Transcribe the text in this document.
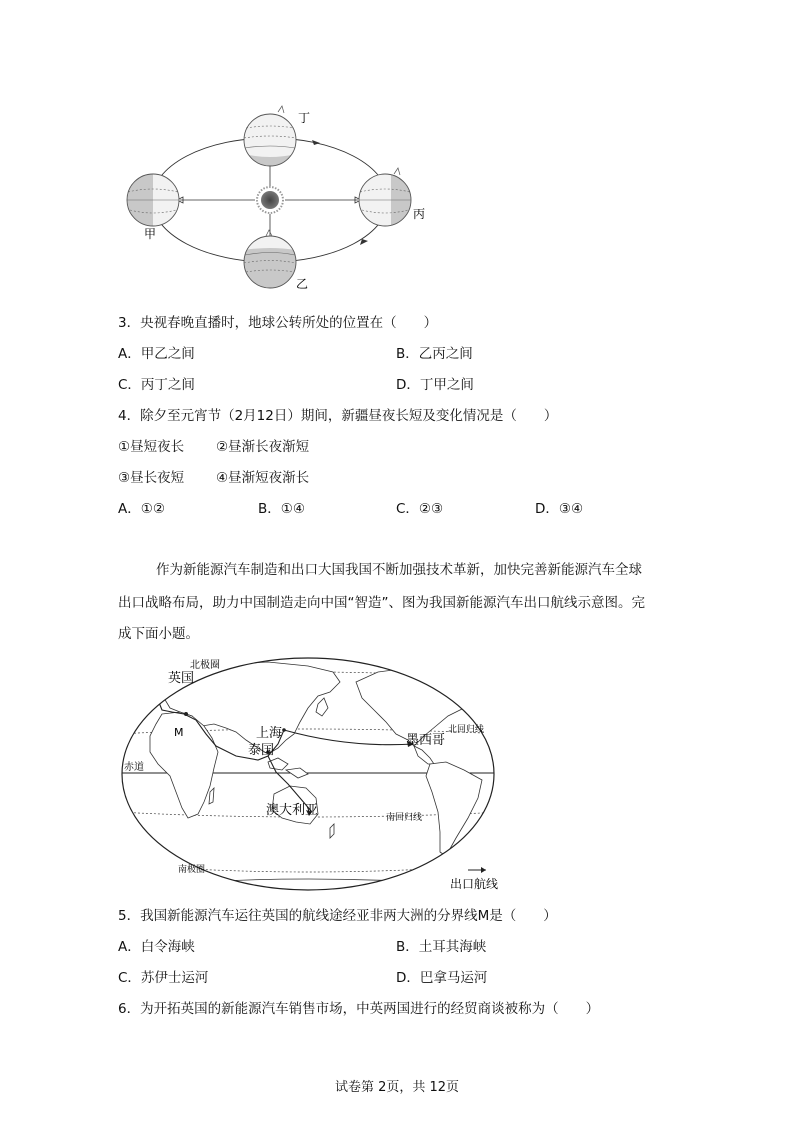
丁
甲
乙
丙
3．央视春晚直播时，地球公转所处的位置在（　　）
A．甲乙之间	B．乙丙之间
C．丙丁之间	D．丁甲之间
4．除夕至元宵节（2月12日）期间，新疆昼夜长短及变化情况是（　　）
①昼短夜长 ②昼渐长夜渐短
③昼长夜短 ④昼渐短夜渐长
A．①②	B．①④	C．②③	D．③④
作为新能源汽车制造和出口大国我国不断加强技术革新，加快完善新能源汽车全球
出口战略布局，助力中国制造走向中国“智造”、图为我国新能源汽车出口航线示意图。完
成下面小题。
北极圈
英国
M	上海
泰国
墨西哥
北回归线
赤道
澳大利亚	南回归线
南极圈
出口航线
5．我国新能源汽车运往英国的航线途经亚非两大洲的分界线M是（　　）
A．白令海峡	B．土耳其海峡
C．苏伊士运河	D．巴拿马运河
6．为开拓英国的新能源汽车销售市场，中英两国进行的经贸商谈被称为（　　）
试卷第 2页，共 12页
